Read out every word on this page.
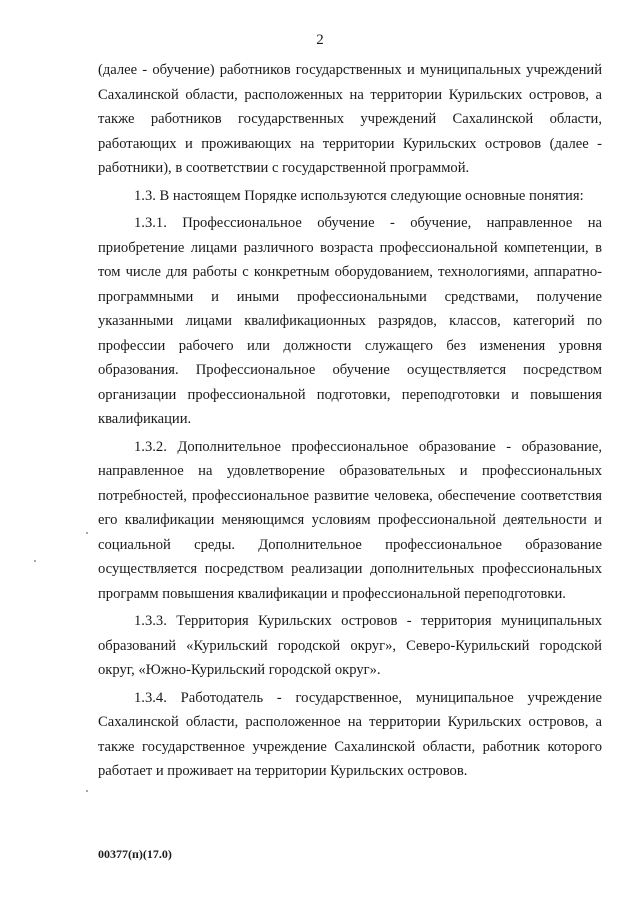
2

(далее - обучение) работников государственных и муниципальных учреждений Сахалинской области, расположенных на территории Курильских островов, а также работников государственных учреждений Сахалинской области, работающих и проживающих на территории Курильских островов (далее - работники), в соответствии с государственной программой.

1.3. В настоящем Порядке используются следующие основные понятия:

1.3.1. Профессиональное обучение - обучение, направленное на приобретение лицами различного возраста профессиональной компетенции, в том числе для работы с конкретным оборудованием, технологиями, аппаратно-программными и иными профессиональными средствами, получение указанными лицами квалификационных разрядов, классов, категорий по профессии рабочего или должности служащего без изменения уровня образования. Профессиональное обучение осуществляется посредством организации профессиональной подготовки, переподготовки и повышения квалификации.

1.3.2. Дополнительное профессиональное образование - образование, направленное на удовлетворение образовательных и профессиональных потребностей, профессиональное развитие человека, обеспечение соответствия его квалификации меняющимся условиям профессиональной деятельности и социальной среды. Дополнительное профессиональное образование осуществляется посредством реализации дополнительных профессиональных программ повышения квалификации и профессиональной переподготовки.

1.3.3. Территория Курильских островов - территория муниципальных образований «Курильский городской округ», Северо-Курильский городской округ, «Южно-Курильский городской округ».

1.3.4. Работодатель - государственное, муниципальное учреждение Сахалинской области, расположенное на территории Курильских островов, а также государственное учреждение Сахалинской области, работник которого работает и проживает на территории Курильских островов.

00377(п)(17.0)
